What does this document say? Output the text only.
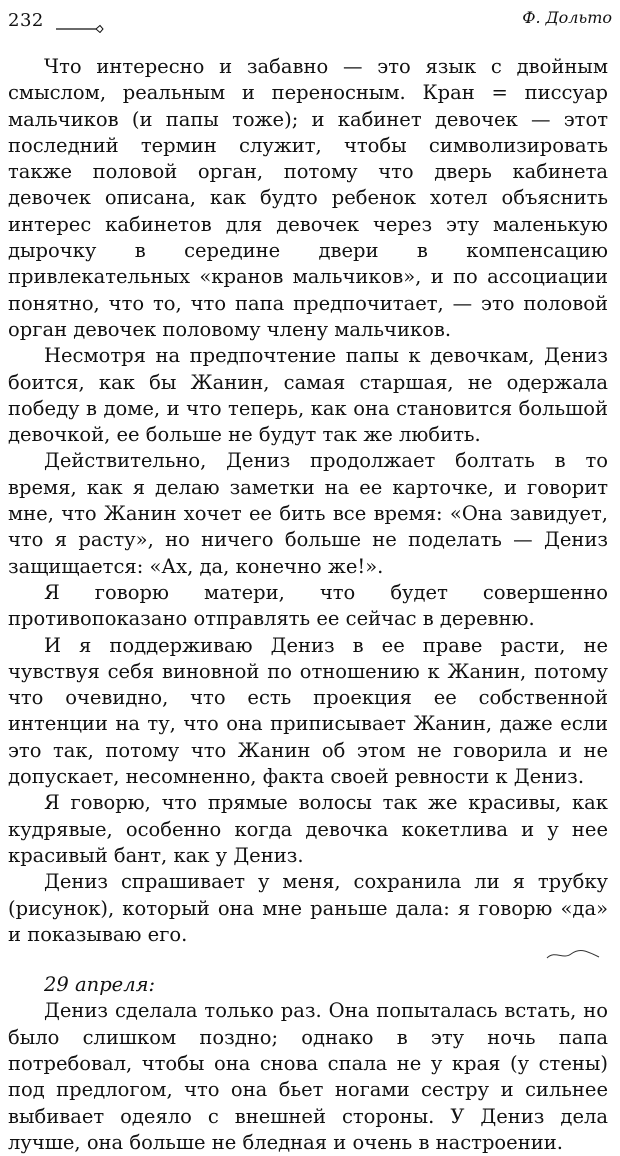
232	Ф. Дольто

Что интересно и забавно — это язык с двойным смыслом, реальным и переносным. Кран = писсуар мальчиков (и папы тоже); и кабинет девочек — этот последний термин служит, чтобы символизировать также половой орган, потому что дверь кабинета девочек описана, как будто ребенок хотел объяснить интерес кабинетов для девочек через эту маленькую дырочку в середине двери в компенсацию привлекательных «кранов мальчиков», и по ассоциации понятно, что то, что папа предпочитает, — это половой орган девочек половому члену мальчиков.

Несмотря на предпочтение папы к девочкам, Дениз боится, как бы Жанин, самая старшая, не одержала победу в доме, и что теперь, как она становится большой девочкой, ее больше не будут так же любить.

Действительно, Дениз продолжает болтать в то время, как я делаю заметки на ее карточке, и говорит мне, что Жанин хочет ее бить все время: «Она завидует, что я расту», но ничего больше не поделать — Дениз защищается: «Ах, да, конечно же!».

Я говорю матери, что будет совершенно противопоказано отправлять ее сейчас в деревню.

И я поддерживаю Дениз в ее праве расти, не чувствуя себя виновной по отношению к Жанин, потому что очевидно, что есть проекция ее собственной интенции на ту, что она приписывает Жанин, даже если это так, потому что Жанин об этом не говорила и не допускает, несомненно, факта своей ревности к Дениз.

Я говорю, что прямые волосы так же красивы, как кудрявые, особенно когда девочка кокетлива и у нее красивый бант, как у Дениз.

Дениз спрашивает у меня, сохранила ли я трубку (рисунок), который она мне раньше дала: я говорю «да» и показываю его.

29 апреля:

Дениз сделала только раз. Она попыталась встать, но было слишком поздно; однако в эту ночь папа потребовал, чтобы она снова спала не у края (у стены) под предлогом, что она бьет ногами сестру и сильнее выбивает одеяло с внешней стороны. У Дениз дела лучше, она больше не бледная и очень в настроении.
